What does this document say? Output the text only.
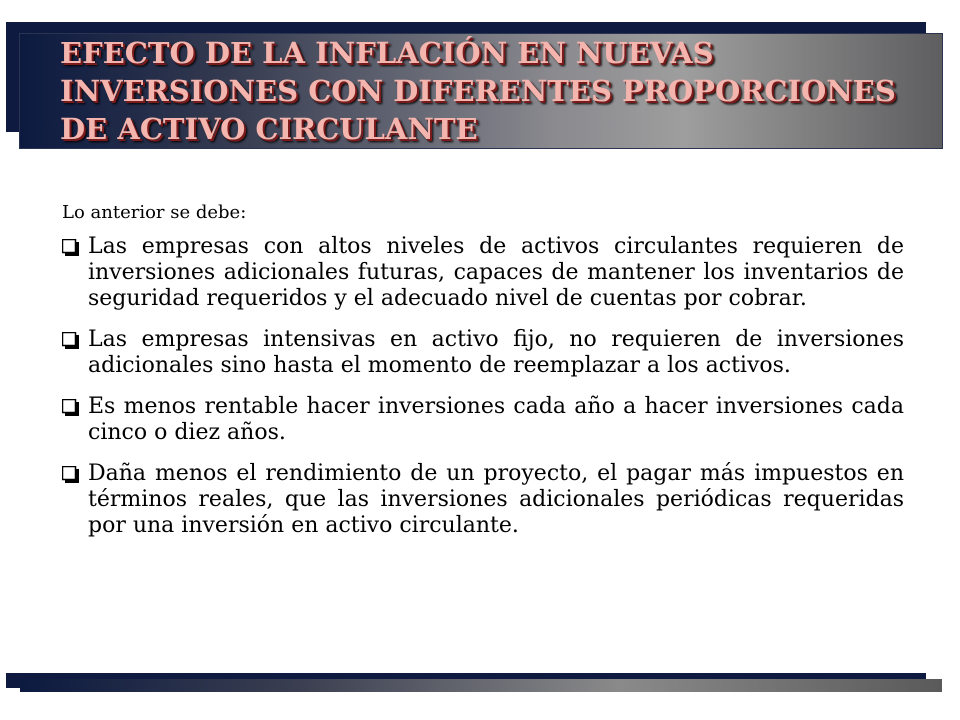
EFECTO DE LA INFLACIÓN EN NUEVAS
INVERSIONES CON DIFERENTES PROPORCIONES
DE ACTIVO CIRCULANTE

Lo anterior se debe:

Las empresas con altos niveles de activos circulantes requieren de inversiones adicionales futuras, capaces de mantener los inventarios de seguridad requeridos y el adecuado nivel de cuentas por cobrar.
Las empresas intensivas en activo fijo, no requieren de inversiones adicionales sino hasta el momento de reemplazar a los activos.
Es menos rentable hacer inversiones cada año a hacer inversiones cada cinco o diez años.
Daña menos el rendimiento de un proyecto, el pagar más impuestos en términos reales, que las inversiones adicionales periódicas requeridas por una inversión en activo circulante.
